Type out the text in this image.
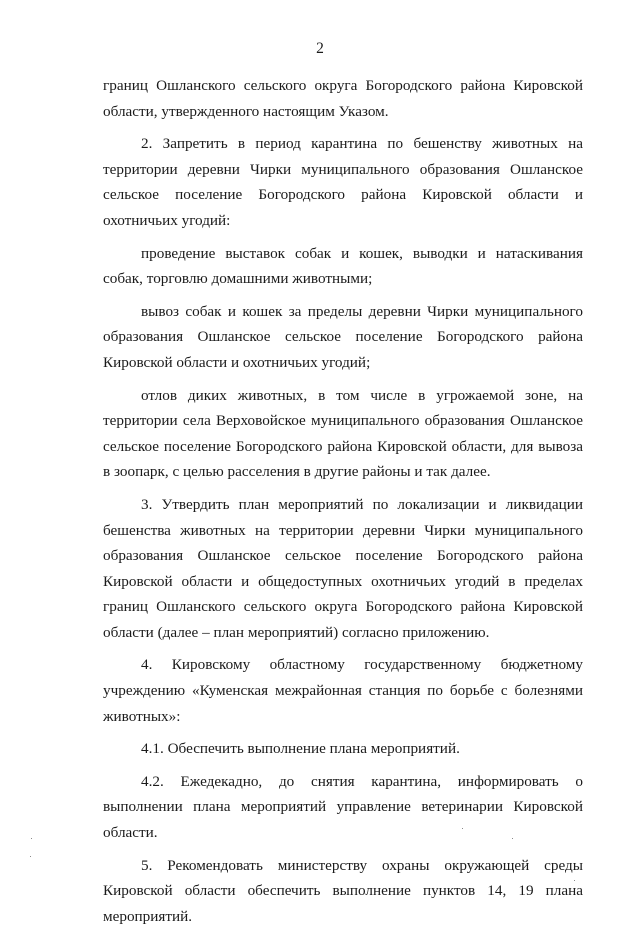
2

границ Ошланского сельского округа Богородского района Кировской области, утвержденного настоящим Указом.

2. Запретить в период карантина по бешенству животных на территории деревни Чирки муниципального образования Ошланское сельское поселение Богородского района Кировской области и охотничьих угодий:

проведение выставок собак и кошек, выводки и натаскивания собак, торговлю домашними животными;

вывоз собак и кошек за пределы деревни Чирки муниципального образования Ошланское сельское поселение Богородского района Кировской области и охотничьих угодий;

отлов диких животных, в том числе в угрожаемой зоне, на территории села Верховойское муниципального образования Ошланское сельское поселение Богородского района Кировской области, для вывоза в зоопарк, с целью расселения в другие районы и так далее.

3. Утвердить план мероприятий по локализации и ликвидации бешенства животных на территории деревни Чирки муниципального образования Ошланское сельское поселение Богородского района Кировской области и общедоступных охотничьих угодий в пределах границ Ошланского сельского округа Богородского района Кировской области (далее – план мероприятий) согласно приложению.

4. Кировскому областному государственному бюджетному учреждению «Куменская межрайонная станция по борьбе с болезнями животных»:

4.1. Обеспечить выполнение плана мероприятий.

4.2. Ежедекадно, до снятия карантина, информировать о выполнении плана мероприятий управление ветеринарии Кировской области.

5. Рекомендовать министерству охраны окружающей среды Кировской области обеспечить выполнение пунктов 14, 19 плана мероприятий.
